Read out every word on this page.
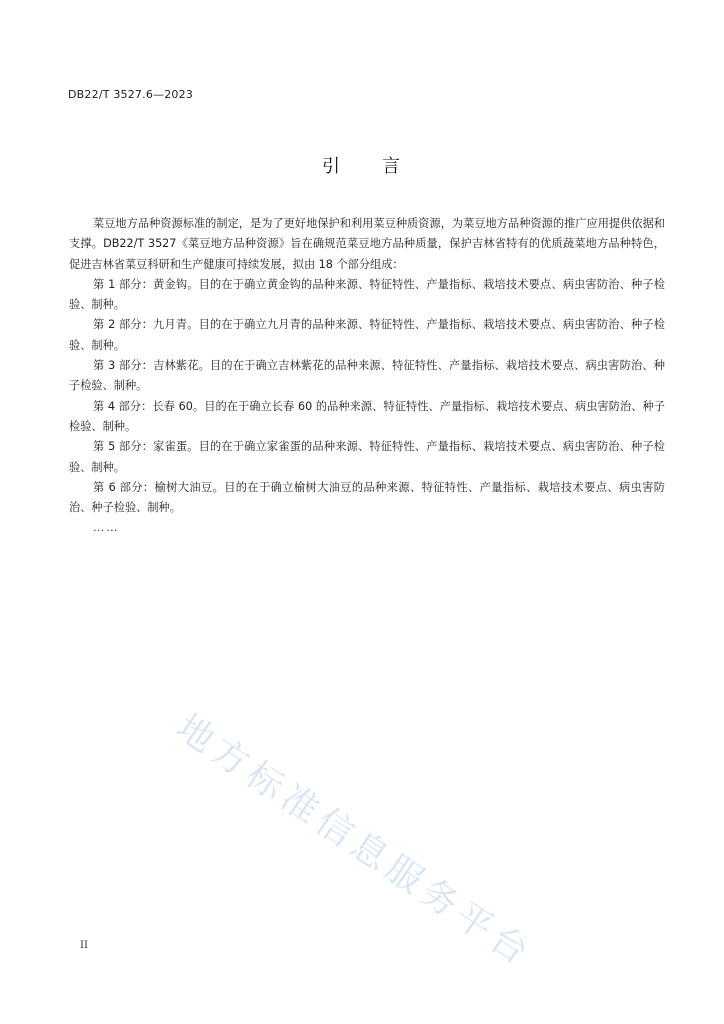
DB22/T 3527.6—2023
引 言

菜豆地方品种资源标准的制定，是为了更好地保护和利用菜豆种质资源，为菜豆地方品种资源的推广应用提供依据和支撑。DB22/T 3527《菜豆地方品种资源》旨在确规范菜豆地方品种质量，保护吉林省特有的优质蔬菜地方品种特色，促进吉林省菜豆科研和生产健康可持续发展，拟由 18 个部分组成：

第 1 部分：黄金钩。目的在于确立黄金钩的品种来源、特征特性、产量指标、栽培技术要点、病虫害防治、种子检验、制种。

第 2 部分：九月青。目的在于确立九月青的品种来源、特征特性、产量指标、栽培技术要点、病虫害防治、种子检验、制种。

第 3 部分：吉林紫花。目的在于确立吉林紫花的品种来源、特征特性、产量指标、栽培技术要点、病虫害防治、种子检验、制种。

第 4 部分：长春 60。目的在于确立长春 60 的品种来源、特征特性、产量指标、栽培技术要点、病虫害防治、种子检验、制种。

第 5 部分：家雀蛋。目的在于确立家雀蛋的品种来源、特征特性、产量指标、栽培技术要点、病虫害防治、种子检验、制种。

第 6 部分：榆树大油豆。目的在于确立榆树大油豆的品种来源、特征特性、产量指标、栽培技术要点、病虫害防治、种子检验、制种。

……

地方标准信息服务平台
II
